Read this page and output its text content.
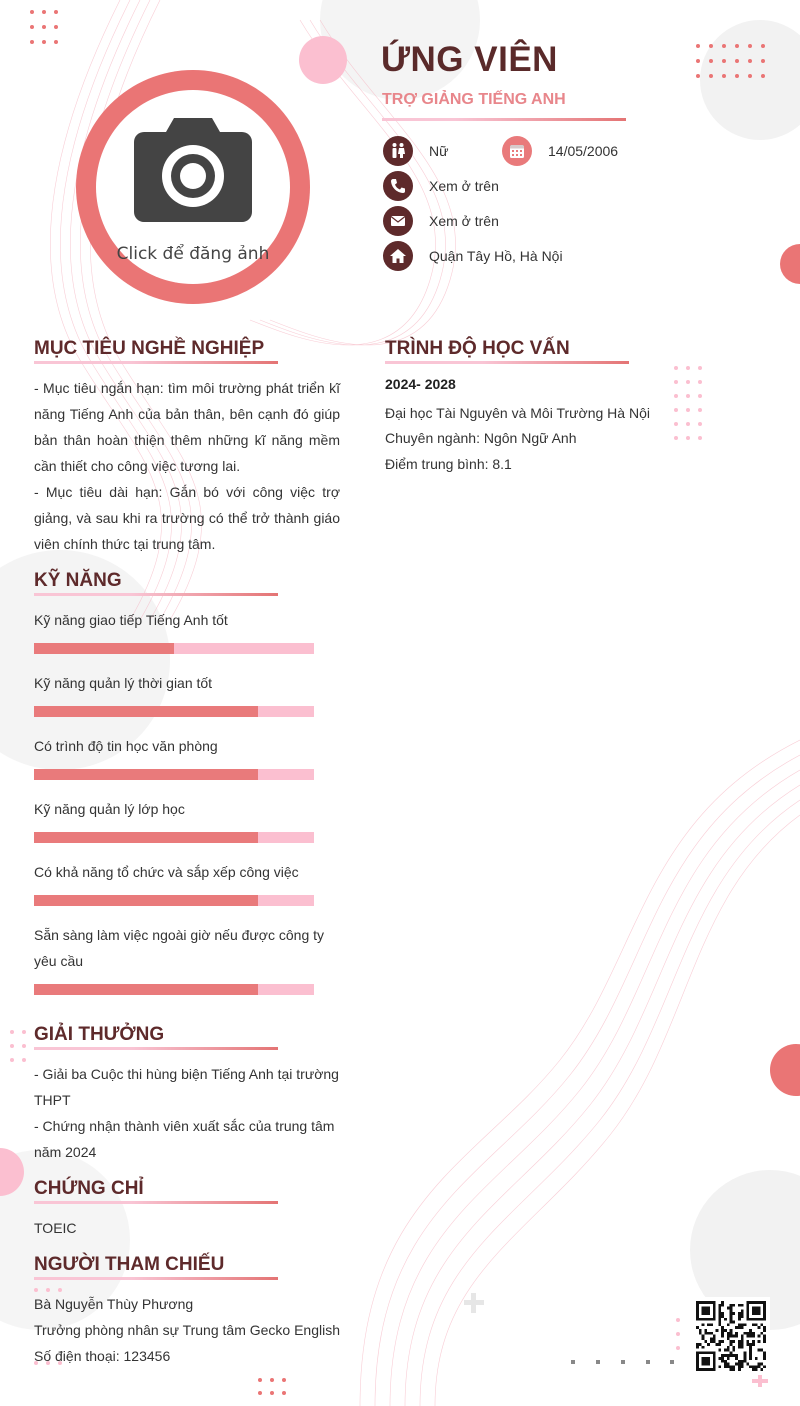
Click để đăng ảnh
ỨNG VIÊN
TRỢ GIẢNG TIẾNG ANH
Nữ	14/05/2006
Xem ở trên
Xem ở trên
Quận Tây Hồ, Hà Nội
MỤC TIÊU NGHỀ NGHIỆP
- Mục tiêu ngắn hạn: tìm môi trường phát triển kĩ năng Tiếng Anh của bản thân, bên cạnh đó giúp bản thân hoàn thiện thêm những kĩ năng mềm cần thiết cho công việc tương lai.
- Mục tiêu dài hạn: Gắn bó với công việc trợ giảng, và sau khi ra trường có thể trở thành giáo viên chính thức tại trung tâm.
TRÌNH ĐỘ HỌC VẤN
2024- 2028
Đại học Tài Nguyên và Môi Trường Hà Nội
Chuyên ngành: Ngôn Ngữ Anh
Điểm trung bình: 8.1
KỸ NĂNG
Kỹ năng giao tiếp Tiếng Anh tốt
Kỹ năng quản lý thời gian tốt
Có trình độ tin học văn phòng
Kỹ năng quản lý lớp học
Có khả năng tổ chức và sắp xếp công việc
Sẵn sàng làm việc ngoài giờ nếu được công ty yêu cầu
GIẢI THƯỞNG
- Giải ba Cuộc thi hùng biện Tiếng Anh tại trường THPT
- Chứng nhận thành viên xuất sắc của trung tâm năm 2024
CHỨNG CHỈ
TOEIC
NGƯỜI THAM CHIẾU
Bà Nguyễn Thùy Phương
Trưởng phòng nhân sự Trung tâm Gecko English
Số điện thoại: 123456
